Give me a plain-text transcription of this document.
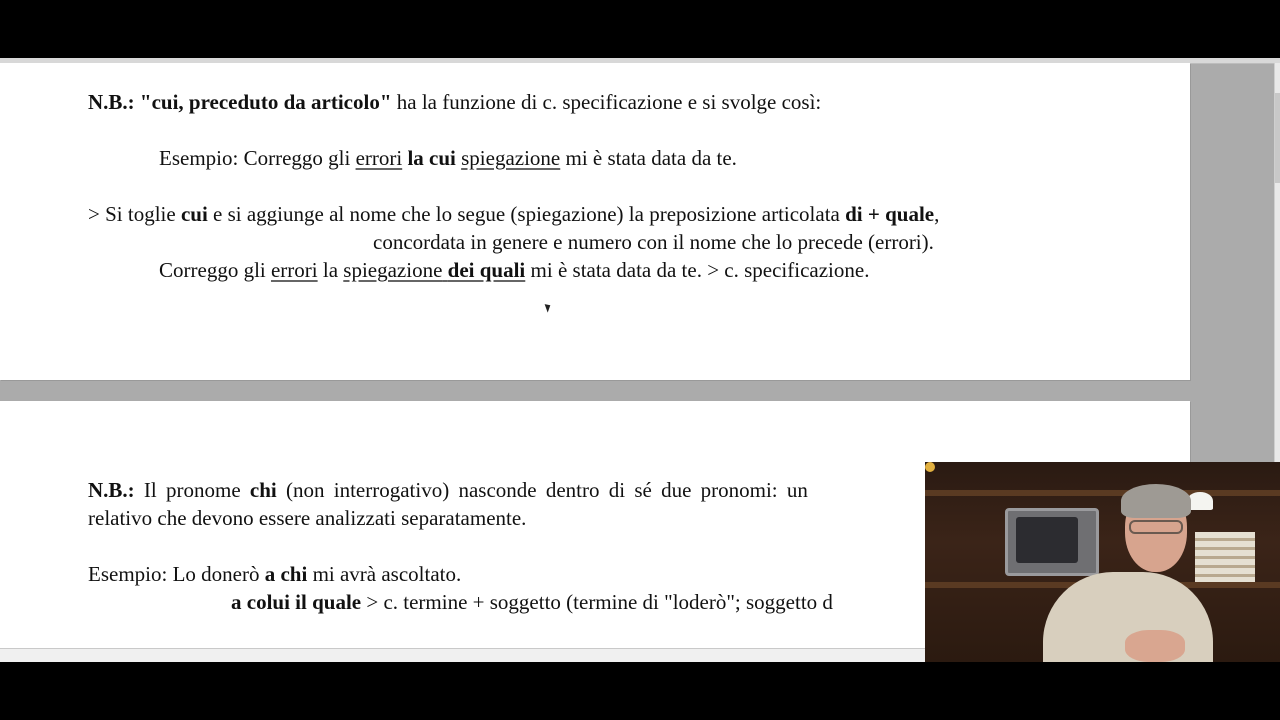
N.B.: "cui, preceduto da articolo" ha la funzione di c. specificazione e si svolge così:
Esempio: Correggo gli errori la cui spiegazione mi è stata data da te.
> Si toglie cui e si aggiunge al nome che lo segue (spiegazione) la preposizione articolata di + quale,
concordata in genere e numero con il nome che lo precede (errori).
Correggo gli errori la spiegazione dei quali mi è stata data da te. > c. specificazione.
N.B.: Il pronome chi (non interrogativo) nasconde dentro di sé due pronomi: un
relativo che devono essere analizzati separatamente.
Esempio: Lo donerò a chi mi avrà ascoltato.
a colui il quale > c. termine + soggetto (termine di "loderò"; soggetto d
